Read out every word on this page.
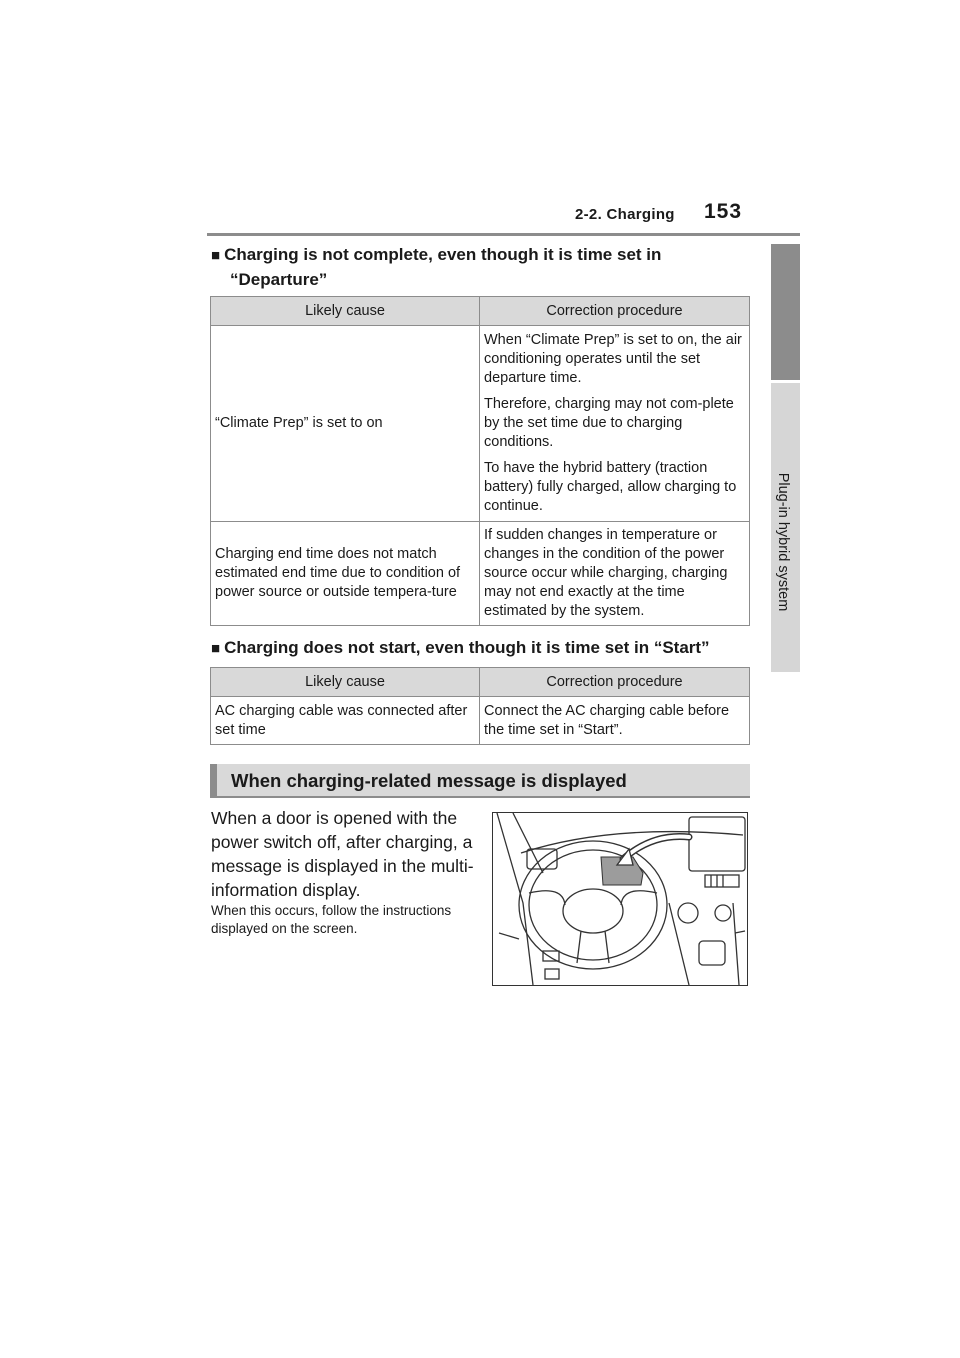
2-2. Charging 153
Plug-in hybrid system
■ Charging is not complete, even though it is time set in
“Departure”
Likely cause	Correction procedure
“Climate Prep” is set to on	When “Climate Prep” is set to on, the air conditioning operates until the set departure time.

Therefore, charging may not com-plete by the set time due to charging conditions.

To have the hybrid battery (traction battery) fully charged, allow charging to continue.

Charging end time does not match estimated end time due to condition of power source or outside tempera-ture	If sudden changes in temperature or changes in the condition of the power source occur while charging, charging may not end exactly at the time estimated by the system.

■ Charging does not start, even though it is time set in “Start”
Likely cause	Correction procedure
AC charging cable was connected after set time	Connect the AC charging cable before the time set in “Start”.

When charging-related message is displayed
When a door is opened with the power switch off, after charging, a message is displayed in the multi-information display.
When this occurs, follow the instructions displayed on the screen.
